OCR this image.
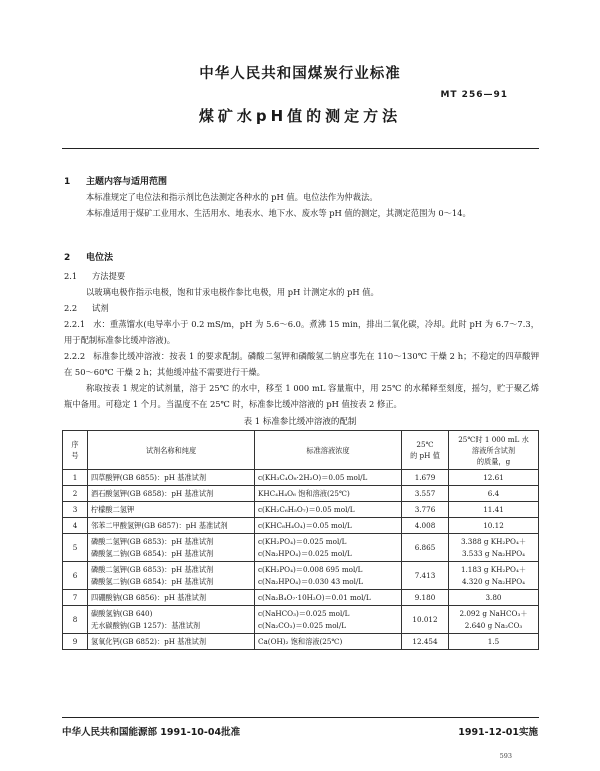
中华人民共和国煤炭行业标准
MT 256—91
煤矿水pH值的测定方法
1 主题内容与适用范围
本标准规定了电位法和指示剂比色法测定各种水的 pH 值。电位法作为仲裁法。
本标准适用于煤矿工业用水、生活用水、地表水、地下水、废水等 pH 值的测定，其测定范围为 0～14。
2 电位法
2.1 方法提要
以玻璃电极作指示电极，饱和甘汞电极作参比电极，用 pH 计测定水的 pH 值。
2.2 试剂
2.2.1 水：重蒸馏水(电导率小于 0.2 mS/m，pH 为 5.6～6.0。煮沸 15 min，排出二氧化碳，冷却。此时 pH 为 6.7～7.3，用于配制标准参比缓冲溶液)。
2.2.2 标准参比缓冲溶液：按表 1 的要求配制。磷酸二氢钾和磷酸氢二钠应事先在 110～130℃ 干燥 2 h；不稳定的四草酸钾在 50～60℃ 干燥 2 h；其他缓冲盐不需要进行干燥。
称取按表 1 规定的试剂量，溶于 25℃ 的水中，移至 1 000 mL 容量瓶中，用 25℃ 的水稀释至刻度，摇匀，贮于聚乙烯瓶中备用。可稳定 1 个月。当温度不在 25℃ 时，标准参比缓冲溶液的 pH 值按表 2 修正。
表 1 标准参比缓冲溶液的配制
序
号	试剂名称和纯度	标准溶液浓度	25℃
的 pH 值	25℃时 1 000 mL 水
溶液所含试剂
的质量，g
1	四草酸钾(GB 6855)：pH 基准试剂	c(KH₃C₄O₈·2H₂O)＝0.05 mol/L	1.679	12.61

2	酒石酸氢钾(GB 6858)：pH 基准试剂	KHC₄H₄O₆ 饱和溶液(25℃)	3.557	6.4

3	柠檬酸二氢钾	c(KH₂C₆H₅O₇)＝0.05 mol/L	3.776	11.41

4	邻苯二甲酸氢钾(GB 6857)：pH 基准试剂	c(KHC₈H₄O₄)＝0.05 mol/L	4.008	10.12

5	磷酸二氢钾(GB 6853)：pH 基准试剂
磷酸氢二钠(GB 6854)：pH 基准试剂	c(KH₂PO₄)＝0.025 mol/L
c(Na₂HPO₄)＝0.025 mol/L	6.865	3.388 g KH₂PO₄＋
3.533 g Na₂HPO₄

6	磷酸二氢钾(GB 6853)：pH 基准试剂
磷酸氢二钠(GB 6854)：pH 基准试剂	c(KH₂PO₄)＝0.008 695 mol/L
c(Na₂HPO₄)＝0.030 43 mol/L	7.413	1.183 g KH₂PO₄＋
4.320 g Na₂HPO₄

7	四硼酸钠(GB 6856)：pH 基准试剂	c(Na₂B₄O₇·10H₂O)＝0.01 mol/L	9.180	3.80

8	碳酸氢钠(GB 640)
无水碳酸钠(GB 1257)：基准试剂	c(NaHCO₃)＝0.025 mol/L
c(Na₂CO₃)＝0.025 mol/L	10.012	2.092 g NaHCO₃＋
2.640 g Na₂CO₃

9	氢氧化钙(GB 6852)：pH 基准试剂	Ca(OH)₂ 饱和溶液(25℃)	12.454	1.5
中华人民共和国能源部 1991-10-04批准	1991-12-01实施
593
